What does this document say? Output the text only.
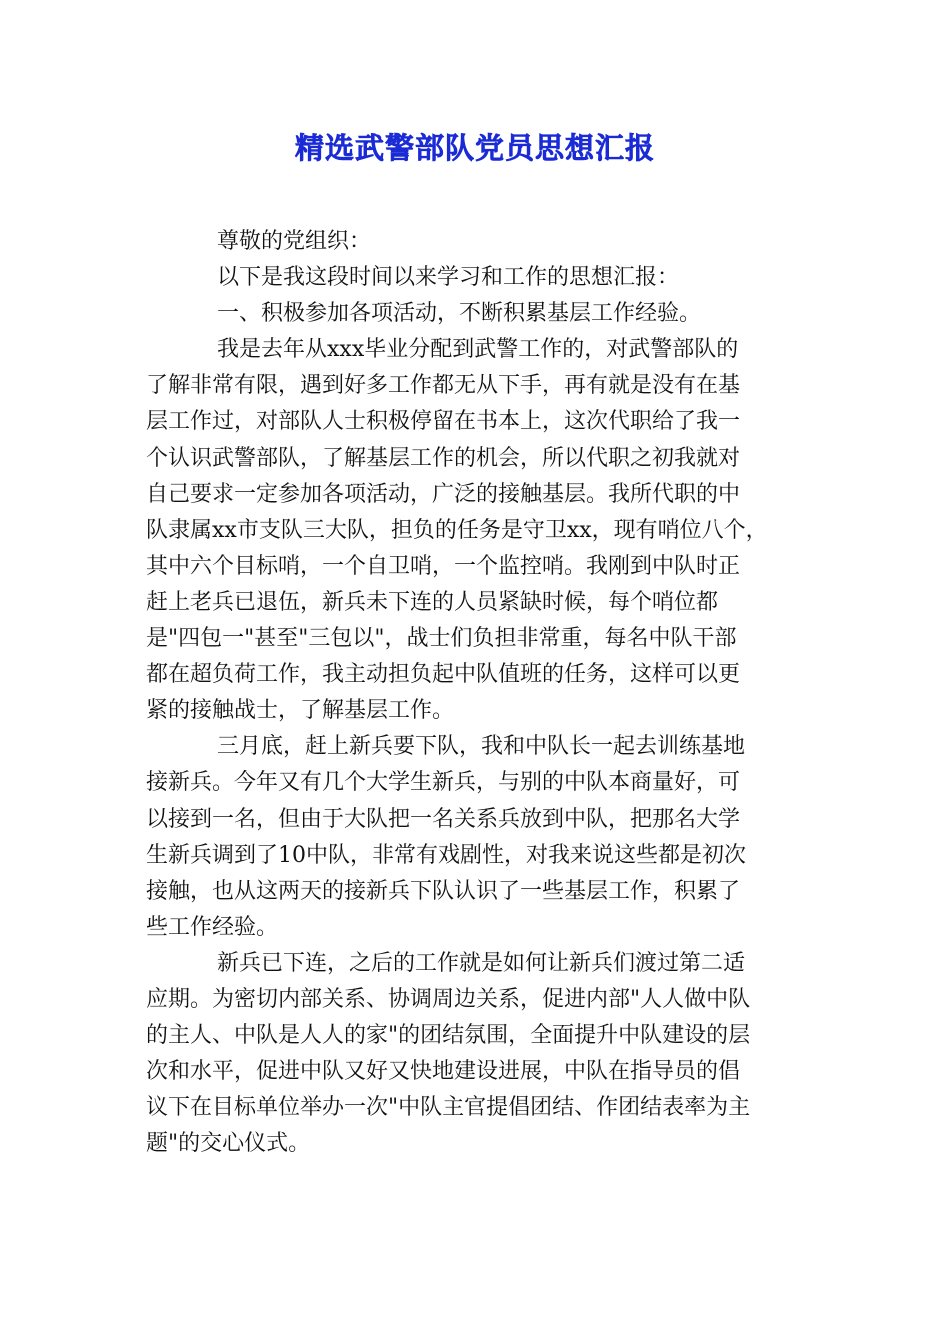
精选武警部队党员思想汇报
尊敬的党组织：
以下是我这段时间以来学习和工作的思想汇报：
一、积极参加各项活动，不断积累基层工作经验。
我是去年从xxx毕业分配到武警工作的，对武警部队的
了解非常有限，遇到好多工作都无从下手，再有就是没有在基
层工作过，对部队人士积极停留在书本上，这次代职给了我一
个认识武警部队，了解基层工作的机会，所以代职之初我就对
自己要求一定参加各项活动，广泛的接触基层。我所代职的中
队隶属xx市支队三大队，担负的任务是守卫xx，现有哨位八个，
其中六个目标哨，一个自卫哨，一个监控哨。我刚到中队时正
赶上老兵已退伍，新兵未下连的人员紧缺时候，每个哨位都
是"四包一"甚至"三包以"，战士们负担非常重，每名中队干部
都在超负荷工作，我主动担负起中队值班的任务，这样可以更
紧的接触战士，了解基层工作。
三月底，赶上新兵要下队，我和中队长一起去训练基地
接新兵。今年又有几个大学生新兵，与别的中队本商量好，可
以接到一名，但由于大队把一名关系兵放到中队，把那名大学
生新兵调到了10中队，非常有戏剧性，对我来说这些都是初次
接触，也从这两天的接新兵下队认识了一些基层工作，积累了
些工作经验。
新兵已下连，之后的工作就是如何让新兵们渡过第二适
应期。为密切内部关系、协调周边关系，促进内部"人人做中队
的主人、中队是人人的家"的团结氛围，全面提升中队建设的层
次和水平，促进中队又好又快地建设进展，中队在指导员的倡
议下在目标单位举办一次"中队主官提倡团结、作团结表率为主
题"的交心仪式。
